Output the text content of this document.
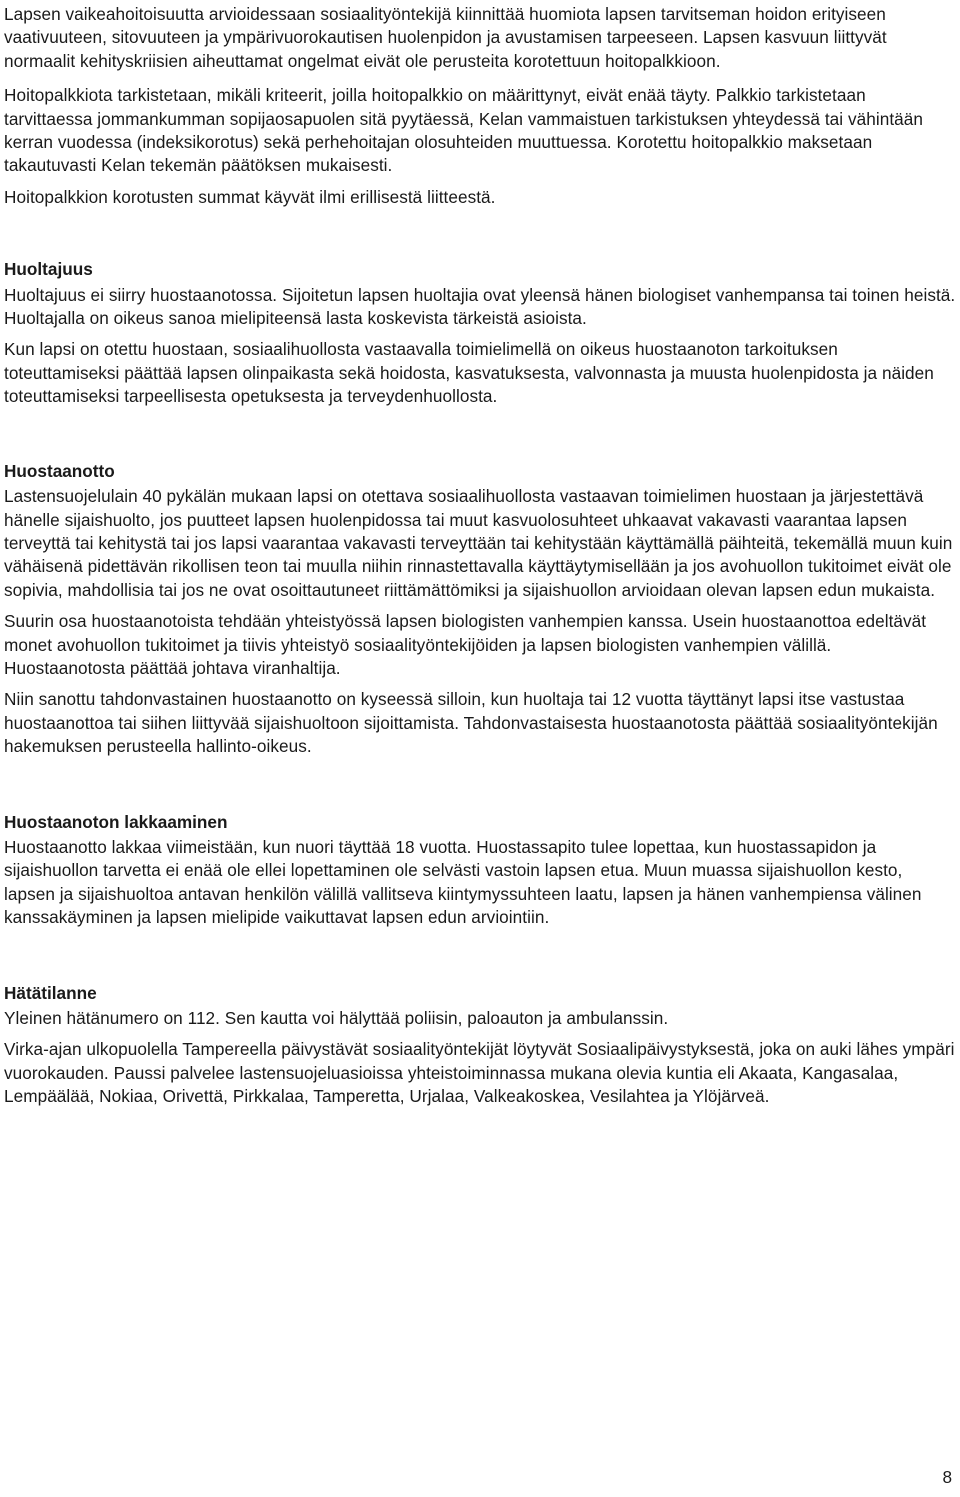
Lapsen vaikeahoitoisuutta arvioidessaan sosiaalityöntekijä kiinnittää huomiota lapsen tarvitseman hoidon erityiseen vaativuuteen, sitovuuteen ja ympärivuorokautisen huolenpidon ja avustamisen tarpeeseen. Lapsen kasvuun liittyvät normaalit kehityskriisien aiheuttamat ongelmat eivät ole perusteita korotettuun hoitopalkkioon.

Hoitopalkkiota tarkistetaan, mikäli kriteerit, joilla hoitopalkkio on määrittynyt, eivät enää täyty. Palkkio tarkistetaan tarvittaessa jommankumman sopijaosapuolen sitä pyytäessä, Kelan vammaistuen tarkistuksen yhteydessä tai vähintään kerran vuodessa (indeksikorotus) sekä perhehoitajan olosuhteiden muuttuessa. Korotettu hoitopalkkio maksetaan takautuvasti Kelan tekemän päätöksen mukaisesti.

Hoitopalkkion korotusten summat käyvät ilmi erillisestä liitteestä.

Huoltajuus

Huoltajuus ei siirry huostaanotossa. Sijoitetun lapsen huoltajia ovat yleensä hänen biologiset vanhempansa tai toinen heistä. Huoltajalla on oikeus sanoa mielipiteensä lasta koskevista tärkeistä asioista.

Kun lapsi on otettu huostaan, sosiaalihuollosta vastaavalla toimielimellä on oikeus huostaanoton tarkoituksen toteuttamiseksi päättää lapsen olinpaikasta sekä hoidosta, kasvatuksesta, valvonnasta ja muusta huolenpidosta ja näiden toteuttamiseksi tarpeellisesta opetuksesta ja terveydenhuollosta.

Huostaanotto

Lastensuojelulain 40 pykälän mukaan lapsi on otettava sosiaalihuollosta vastaavan toimielimen huostaan ja järjestettävä hänelle sijaishuolto, jos puutteet lapsen huolenpidossa tai muut kasvuolosuhteet uhkaavat vakavasti vaarantaa lapsen terveyttä tai kehitystä tai jos lapsi vaarantaa vakavasti terveyttään tai kehitystään käyttämällä päihteitä, tekemällä muun kuin vähäisenä pidettävän rikollisen teon tai muulla niihin rinnastettavalla käyttäytymisellään ja jos avohuollon tukitoimet eivät ole sopivia, mahdollisia tai jos ne ovat osoittautuneet riittämättömiksi ja sijaishuollon arvioidaan olevan lapsen edun mukaista.

Suurin osa huostaanotoista tehdään yhteistyössä lapsen biologisten vanhempien kanssa. Usein huostaanottoa edeltävät monet avohuollon tukitoimet ja tiivis yhteistyö sosiaalityöntekijöiden ja lapsen biologisten vanhempien välillä. Huostaanotosta päättää johtava viranhaltija.

Niin sanottu tahdonvastainen huostaanotto on kyseessä silloin, kun huoltaja tai 12 vuotta täyttänyt lapsi itse vastustaa huostaanottoa tai siihen liittyvää sijaishuoltoon sijoittamista. Tahdonvastaisesta huostaanotosta päättää sosiaalityöntekijän hakemuksen perusteella hallinto-oikeus.

Huostaanoton lakkaaminen

Huostaanotto lakkaa viimeistään, kun nuori täyttää 18 vuotta. Huostassapito tulee lopettaa, kun huostassapidon ja sijaishuollon tarvetta ei enää ole ellei lopettaminen ole selvästi vastoin lapsen etua. Muun muassa sijaishuollon kesto, lapsen ja sijaishuoltoa antavan henkilön välillä vallitseva kiintymyssuhteen laatu, lapsen ja hänen vanhempiensa välinen kanssakäyminen ja lapsen mielipide vaikuttavat lapsen edun arviointiin.

Hätätilanne

Yleinen hätänumero on 112. Sen kautta voi hälyttää poliisin, paloauton ja ambulanssin.

Virka-ajan ulkopuolella Tampereella päivystävät sosiaalityöntekijät löytyvät Sosiaalipäivystyksestä, joka on auki lähes ympäri vuorokauden. Paussi palvelee lastensuojeluasioissa yhteistoiminnassa mukana olevia kuntia eli Akaata, Kangasalaa, Lempäälää, Nokiaa, Orivettä, Pirkkalaa, Tamperetta, Urjalaa, Valkeakoskea, Vesilahtea ja Ylöjärveä.

8
